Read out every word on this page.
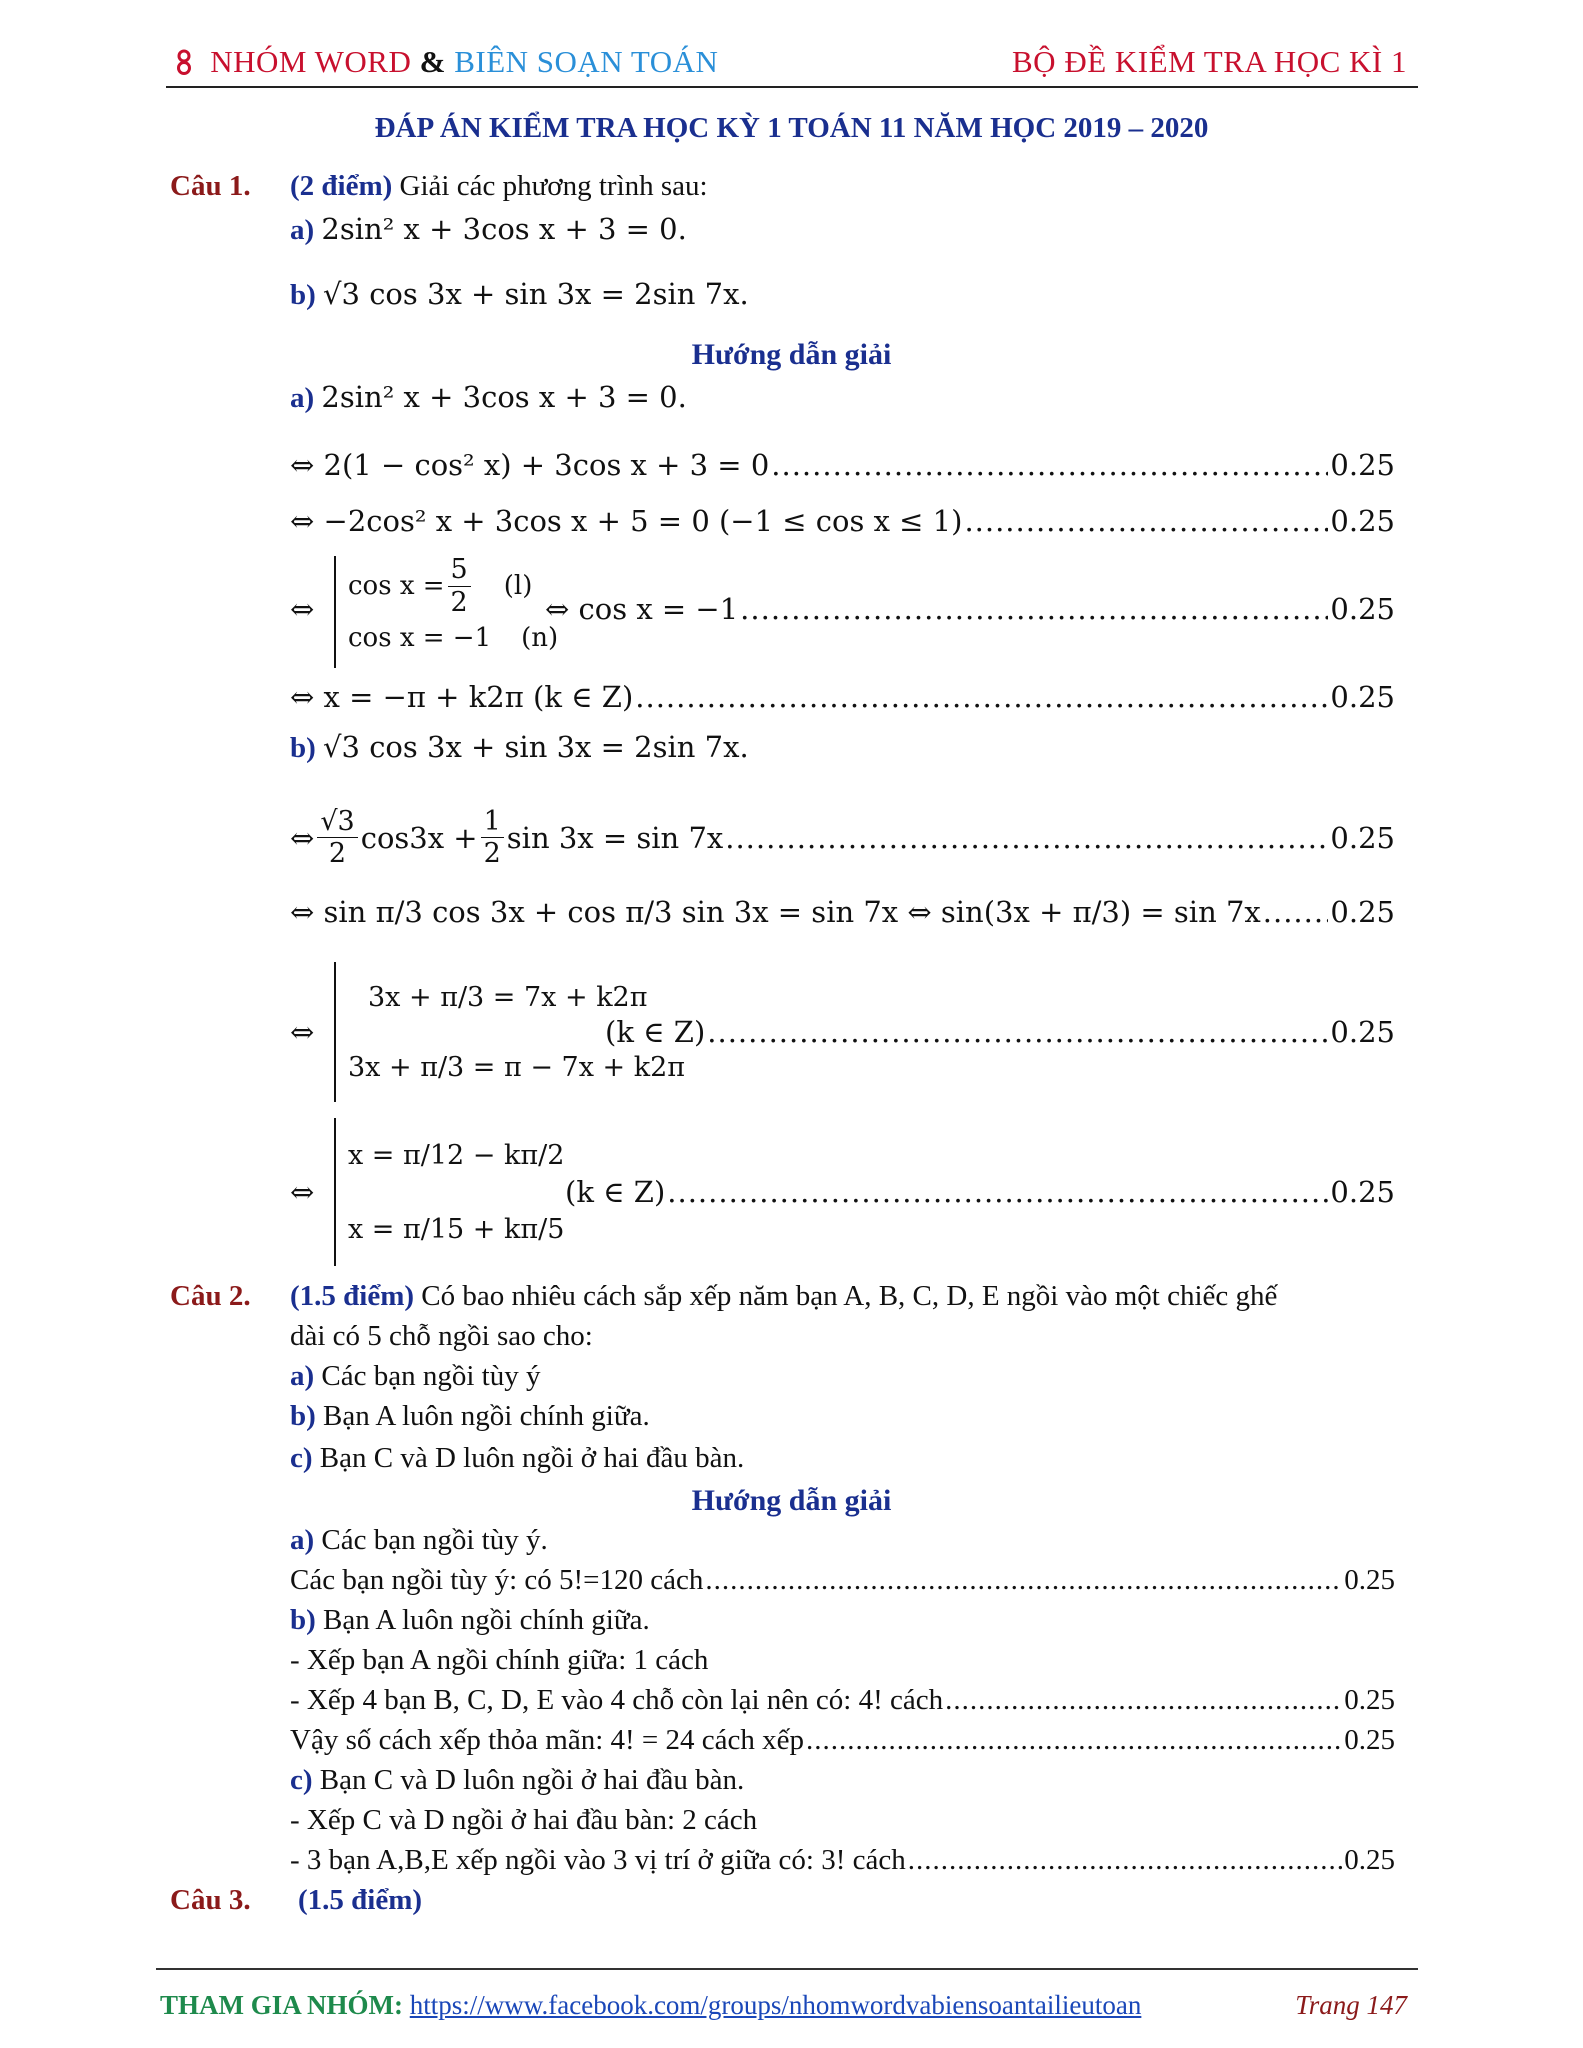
NHÓM WORD & BIÊN SOẠN TOÁN	BỘ ĐỀ KIỂM TRA HỌC KÌ 1
ĐÁP ÁN KIỂM TRA HỌC KỲ 1 TOÁN 11 NĂM HỌC 2019 – 2020
Câu 1. (2 điểm) Giải các phương trình sau:
a) 2sin² x + 3cos x + 3 = 0.
b) √3 cos 3x + sin 3x = 2sin 7x.
Hướng dẫn giải
a) 2sin² x + 3cos x + 3 = 0.
⇔ 2(1 − cos² x) + 3cos x + 3 = 0 .....	0.25
⇔ −2cos² x + 3cos x + 5 = 0 (−1 ≤ cos x ≤ 1) .....	0.25
⇔
$\cos x = \frac{5}{2} (l)$
cos x = −1 (n)
⇔ cos x = −1 .....	0.25
⇔ x = −π + k2π (k ∈ Z) .....	0.25
b) √3 cos 3x + sin 3x = 2sin 7x.
⇔ $\frac{√3}{2} \cos 3x + \frac{1}{2}$ sin 3x = sin 7x .....	0.25
⇔ sin π/3 cos 3x + cos π/3 sin 3x = sin 7x ⇔ sin(3x + π/3) = sin 7x ..... 0.25
⇔
3x + π/3 = 7x + k2π
3x + π/3 = π − 7x + k2π
(k ∈ Z) .....	0.25
⇔
x = π/12 − kπ/2
x = π/15 + kπ/5
(k ∈ Z) .....	0.25
Câu 2. (1.5 điểm) Có bao nhiêu cách sắp xếp năm bạn A, B, C, D, E ngồi vào một chiếc ghế
dài có 5 chỗ ngồi sao cho:
a) Các bạn ngồi tùy ý
b) Bạn A luôn ngồi chính giữa.
c) Bạn C và D luôn ngồi ở hai đầu bàn.
Hướng dẫn giải
a) Các bạn ngồi tùy ý.
Các bạn ngồi tùy ý: có 5!=120 cách .....	0.25
b) Bạn A luôn ngồi chính giữa.
- Xếp bạn A ngồi chính giữa: 1 cách
- Xếp 4 bạn B, C, D, E vào 4 chỗ còn lại nên có: 4! cách .....	0.25
Vậy số cách xếp thỏa mãn: 4! = 24 cách xếp .....	0.25
c) Bạn C và D luôn ngồi ở hai đầu bàn.
- Xếp C và D ngồi ở hai đầu bàn: 2 cách
- 3 bạn A,B,E xếp ngồi vào 3 vị trí ở giữa có: 3! cách .....	0.25
Câu 3. (1.5 điểm)
THAM GIA NHÓM: https://www.facebook.com/groups/nhomwordvabiensoantailieutoan	Trang 147
